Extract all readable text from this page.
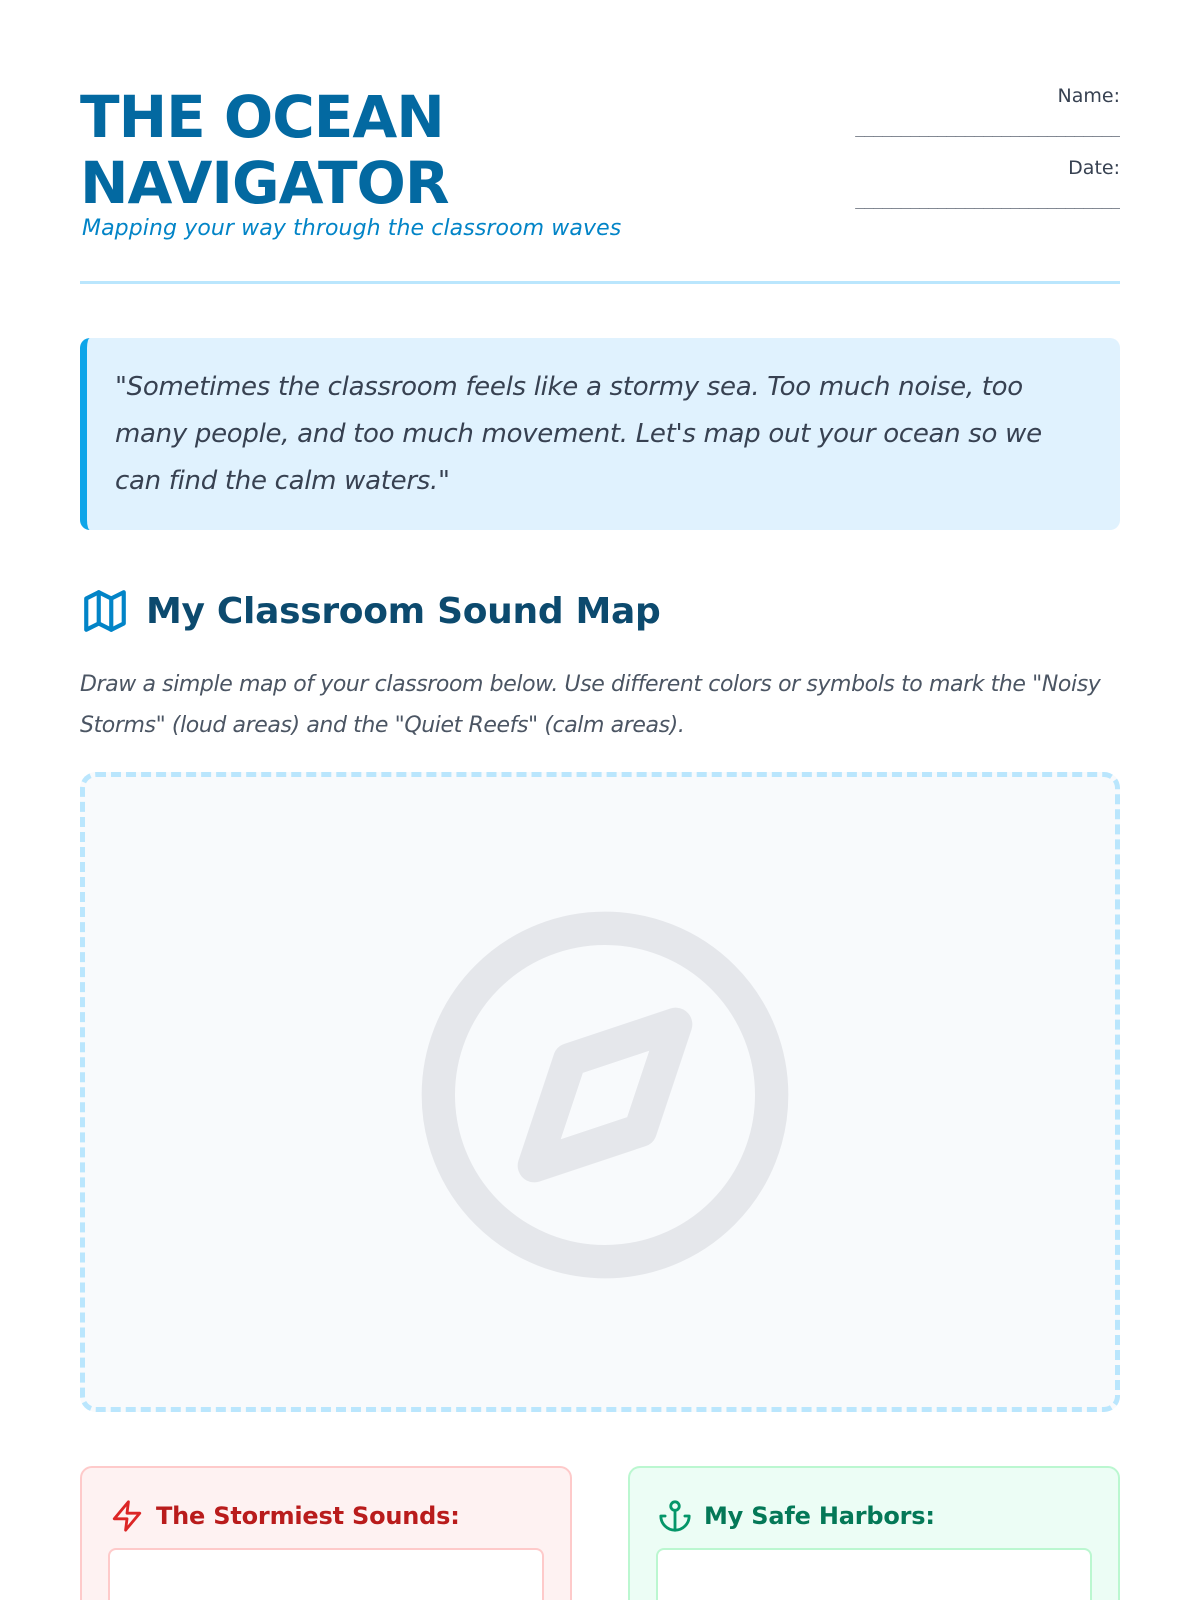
THE OCEAN
NAVIGATOR
Mapping your way through the classroom waves
Name:
_____________________________
Date:
_____________________________
"Sometimes the classroom feels like a stormy sea. Too much noise, too many people, and too much movement. Let's map out your ocean so we can find the calm waters."
My Classroom Sound Map
Draw a simple map of your classroom below. Use different colors or symbols to mark the "Noisy Storms" (loud areas) and the "Quiet Reefs" (calm areas).
The Stormiest Sounds:	My Safe Harbors:
